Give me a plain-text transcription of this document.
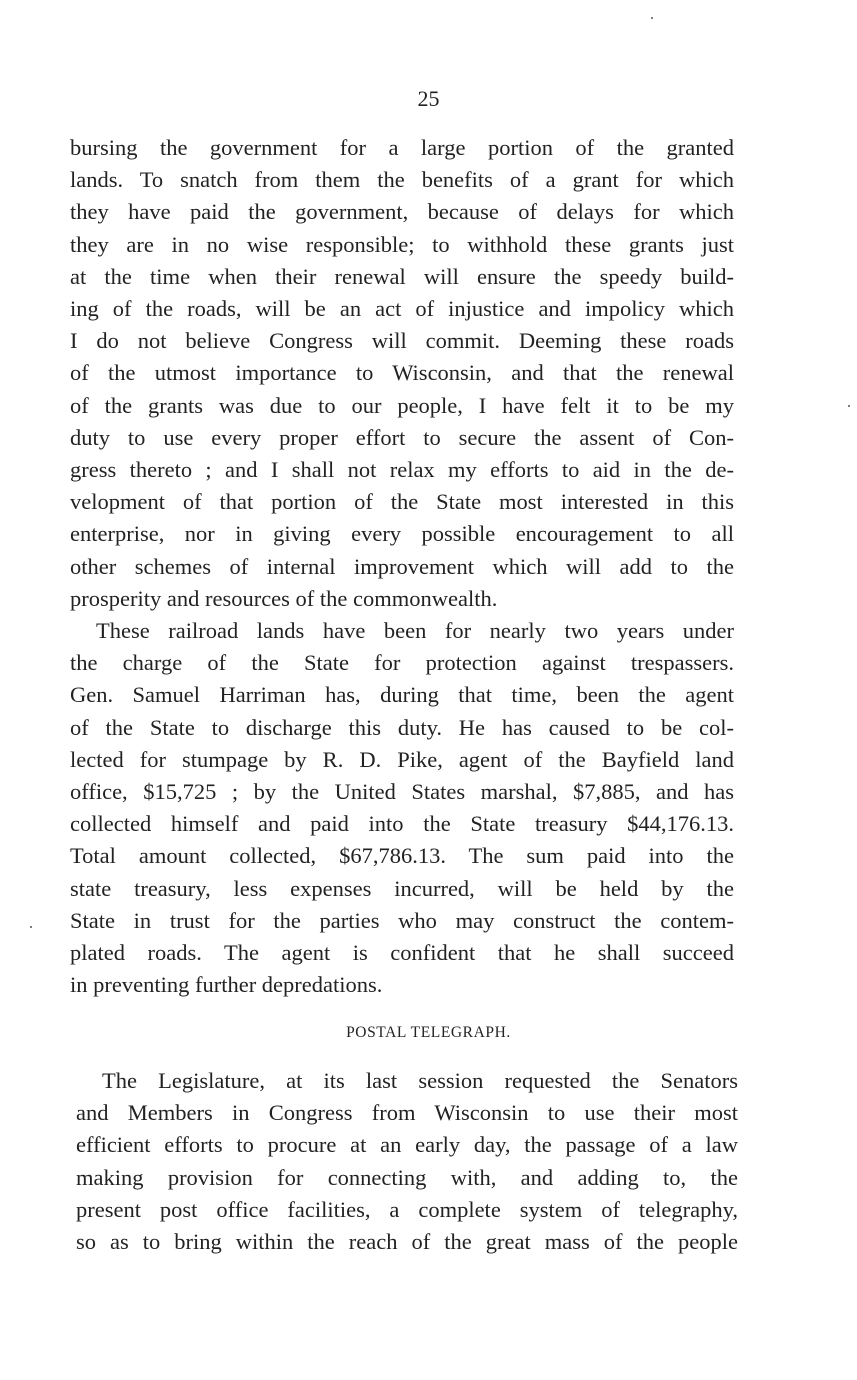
25
bursing the government for a large portion of the granted
lands. To snatch from them the benefits of a grant for which
they have paid the government, because of delays for which
they are in no wise responsible; to withhold these grants just
at the time when their renewal will ensure the speedy build-
ing of the roads, will be an act of injustice and impolicy which
I do not believe Congress will commit. Deeming these roads
of the utmost importance to Wisconsin, and that the renewal
of the grants was due to our people, I have felt it to be my
duty to use every proper effort to secure the assent of Con-
gress thereto ; and I shall not relax my efforts to aid in the de-
velopment of that portion of the State most interested in this
enterprise, nor in giving every possible encouragement to all
other schemes of internal improvement which will add to the
prosperity and resources of the commonwealth.
These railroad lands have been for nearly two years under
the charge of the State for protection against trespassers.
Gen. Samuel Harriman has, during that time, been the agent
of the State to discharge this duty. He has caused to be col-
lected for stumpage by R. D. Pike, agent of the Bayfield land
office, $15,725 ; by the United States marshal, $7,885, and has
collected himself and paid into the State treasury $44,176.13.
Total amount collected, $67,786.13. The sum paid into the
state treasury, less expenses incurred, will be held by the
State in trust for the parties who may construct the contem-
plated roads. The agent is confident that he shall succeed
in preventing further depredations.
POSTAL TELEGRAPH.
The Legislature, at its last session requested the Senators
and Members in Congress from Wisconsin to use their most
efficient efforts to procure at an early day, the passage of a law
making provision for connecting with, and adding to, the
present post office facilities, a complete system of telegraphy,
so as to bring within the reach of the great mass of the people
